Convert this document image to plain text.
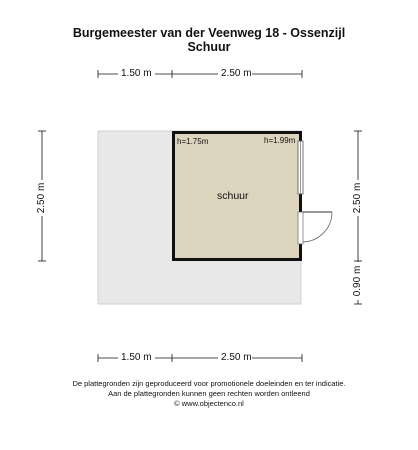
Burgemeester van der Veenweg 18 - Ossenzijl
Schuur
1.50 m	2.50 m
1.50 m	2.50 m
2.50 m	2.50 m
0.90 m
h=1.75m	h=1.99m
schuur
De plattegronden zijn geproduceerd voor promotionele doeleinden en ter indicatie.
Aan de plattegronden kunnen geen rechten worden ontleend
© www.objectenco.nl
